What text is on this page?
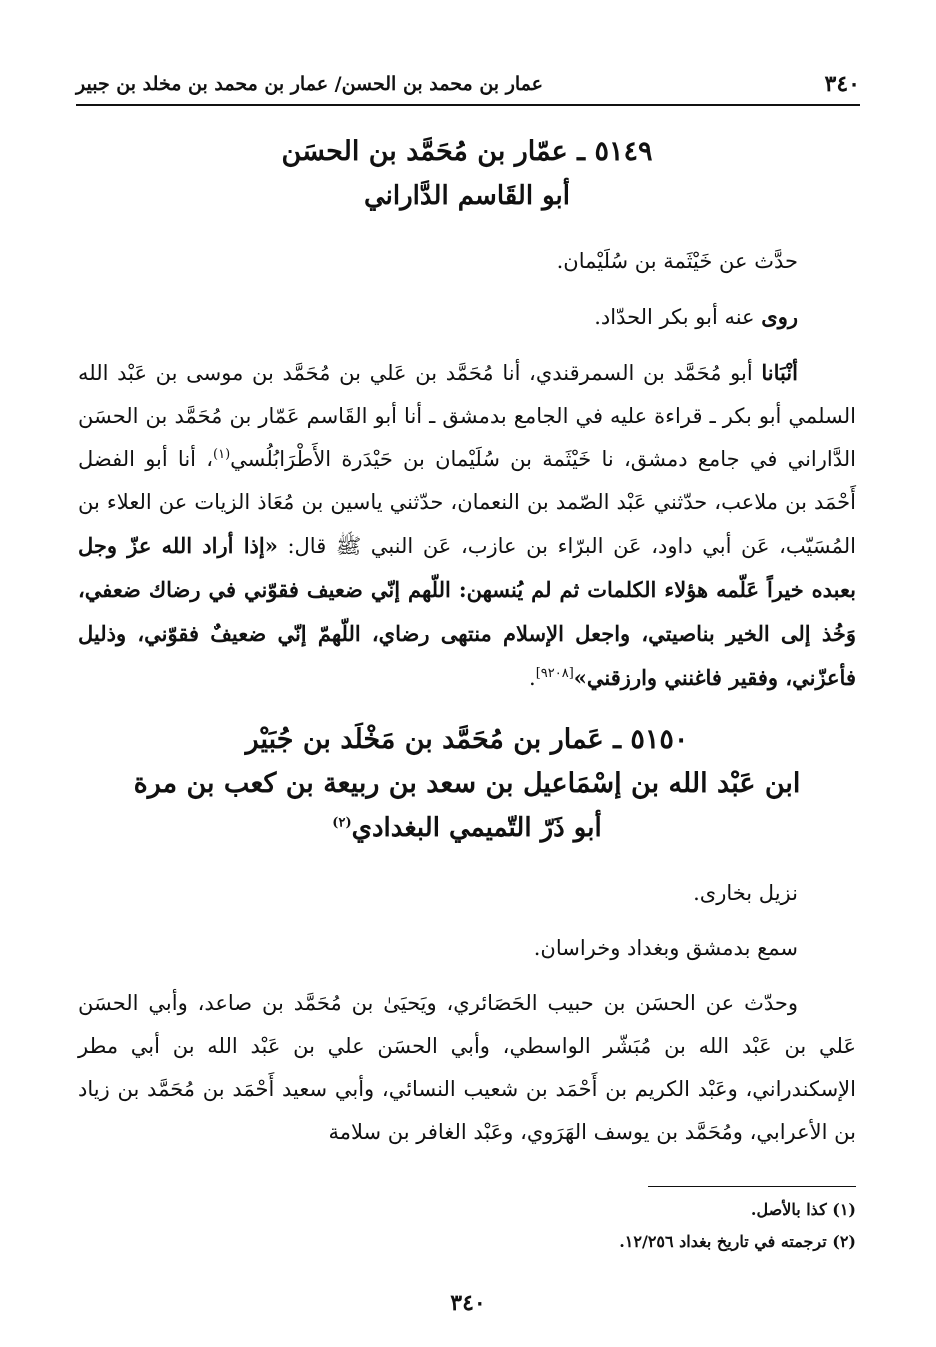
٣٤٠
عمار بن محمد بن الحسن/ عمار بن محمد بن مخلد بن جبير
٥١٤٩ ـ عمّار بن مُحَمَّد بن الحسَن
أبو القَاسم الدَّاراني

حدَّث عن خَيْثَمة بن سُلَيْمان.

روى عنه أبو بكر الحدّاد.

أنْبَانا أبو مُحَمَّد بن السمرقندي، أنا مُحَمَّد بن عَلي بن مُحَمَّد بن موسى بن عَبْد الله السلمي أبو بكر ـ قراءة عليه في الجامع بدمشق ـ أنا أبو القَاسم عَمّار بن مُحَمَّد بن الحسَن الدَّاراني في جامع دمشق، نا خَيْثَمة بن سُلَيْمان بن حَيْدَرة الأَطْرَابُلُسي$^{(١)}$، أنا أبو الفضل أَحْمَد بن ملاعب، حدّثني عَبْد الصّمد بن النعمان، حدّثني ياسين بن مُعَاذ الزيات عن العلاء بن المُسَيّب، عَن أبي داود، عَن البرّاء بن عازب، عَن النبي ﷺ قال: «إذا أراد الله عزّ وجل بعبده خيراً عَلّمه هؤلاء الكلمات ثم لم يُنسهن: اللّهم إنّي ضعيف فقوّني في رضاك ضعفي، وَخُذ إلى الخير بناصيتي، واجعل الإسلام منتهى رضاي، اللّهمّ إنّي ضعيفٌ فقوّني، وذليل فأعزّني، وفقير فاغنني وارزقني»[٩٢٠٨].

٥١٥٠ ـ عَمار بن مُحَمَّد بن مَخْلَد بن جُبَيْر
ابن عَبْد الله بن إسْمَاعيل بن سعد بن ربيعة بن كعب بن مرة
أبو ذَرّ التّميمي البغدادي$^{(٢)}$

نزيل بخارى.

سمع بدمشق وبغداد وخراسان.

وحدّث عن الحسَن بن حبيب الحَصَائري، ويَحيَىٰ بن مُحَمَّد بن صاعد، وأبي الحسَن عَلي بن عَبْد الله بن مُبَشّر الواسطي، وأبي الحسَن علي بن عَبْد الله بن أبي مطر الإسكندراني، وعَبْد الكريم بن أَحْمَد بن شعيب النسائي، وأبي سعيد أَحْمَد بن مُحَمَّد بن زياد بن الأعرابي، ومُحَمَّد بن يوسف الهَرَوي، وعَبْد الغافر بن سلامة

(١) كذا بالأصل.
(٢) ترجمته في تاريخ بغداد ١٢/٢٥٦.
٣٤٠
